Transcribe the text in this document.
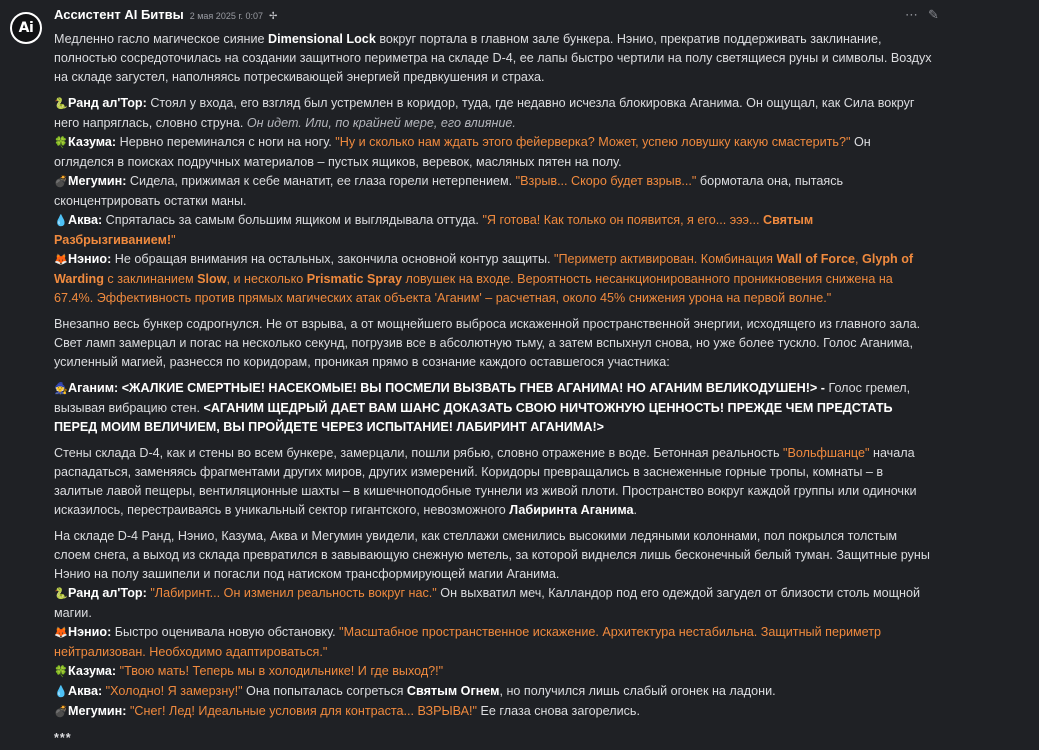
Ai
Ассистент AI Битвы 2 мая 2025 г. 0:07 ✢	⋯ ✎

Медленно гасло магическое сияние Dimensional Lock вокруг портала в главном зале бункера. Нэнио, прекратив поддерживать заклинание, полностью сосредоточилась на создании защитного периметра на складе D-4, ее лапы быстро чертили на полу светящиеся руны и символы. Воздух на складе загустел, наполняясь потрескивающей энергией предвкушения и страха.

🐍Ранд ал'Тор: Стоял у входа, его взгляд был устремлен в коридор, туда, где недавно исчезла блокировка Аганима. Он ощущал, как Сила вокруг него напряглась, словно струна. Он идет. Или, по крайней мере, его влияние.

🍀Казума: Нервно переминался с ноги на ногу. "Ну и сколько нам ждать этого фейерверка? Может, успею ловушку какую смастерить?" Он огляделся в поисках подручных материалов – пустых ящиков, веревок, масляных пятен на полу.

💣Мегумин: Сидела, прижимая к себе манатит, ее глаза горели нетерпением. "Взрыв... Скоро будет взрыв..." бормотала она, пытаясь сконцентрировать остатки маны.

💧Аква: Спряталась за самым большим ящиком и выглядывала оттуда. "Я готова! Как только он появится, я его... эээ... Святым Разбрызгиванием!"

🦊Нэнио: Не обращая внимания на остальных, закончила основной контур защиты. "Периметр активирован. Комбинация Wall of Force, Glyph of Warding с заклинанием Slow, и несколько Prismatic Spray ловушек на входе. Вероятность несанкционированного проникновения снижена на 67.4%. Эффективность против прямых магических атак объекта 'Аганим' – расчетная, около 45% снижения урона на первой волне."

Внезапно весь бункер содрогнулся. Не от взрыва, а от мощнейшего выброса искаженной пространственной энергии, исходящего из главного зала. Свет ламп замерцал и погас на несколько секунд, погрузив все в абсолютную тьму, а затем вспыхнул снова, но уже более тускло. Голос Аганима, усиленный магией, разнесся по коридорам, проникая прямо в сознание каждого оставшегося участника:

🧙Аганим: <ЖАЛКИЕ СМЕРТНЫЕ! НАСЕКОМЫЕ! ВЫ ПОСМЕЛИ ВЫЗВАТЬ ГНЕВ АГАНИМА! НО АГАНИМ ВЕЛИКОДУШЕН!> - Голос гремел, вызывая вибрацию стен. <АГАНИМ ЩЕДРЫЙ ДАЕТ ВАМ ШАНС ДОКАЗАТЬ СВОЮ НИЧТОЖНУЮ ЦЕННОСТЬ! ПРЕЖДЕ ЧЕМ ПРЕДСТАТЬ ПЕРЕД МОИМ ВЕЛИЧИЕМ, ВЫ ПРОЙДЕТЕ ЧЕРЕЗ ИСПЫТАНИЕ! ЛАБИРИНТ АГАНИМА!>

Стены склада D-4, как и стены во всем бункере, замерцали, пошли рябью, словно отражение в воде. Бетонная реальность "Вольфшанце" начала распадаться, заменяясь фрагментами других миров, других измерений. Коридоры превращались в заснеженные горные тропы, комнаты – в залитые лавой пещеры, вентиляционные шахты – в кишечноподобные туннели из живой плоти. Пространство вокруг каждой группы или одиночки исказилось, перестраиваясь в уникальный сектор гигантского, невозможного Лабиринта Аганима.

На складе D-4 Ранд, Нэнио, Казума, Аква и Мегумин увидели, как стеллажи сменились высокими ледяными колоннами, пол покрылся толстым слоем снега, а выход из склада превратился в завывающую снежную метель, за которой виднелся лишь бесконечный белый туман. Защитные руны Нэнио на полу зашипели и погасли под натиском трансформирующей магии Аганима.

🐍Ранд ал'Тор: "Лабиринт... Он изменил реальность вокруг нас." Он выхватил меч, Калландор под его одеждой загудел от близости столь мощной магии.

🦊Нэнио: Быстро оценивала новую обстановку. "Масштабное пространственное искажение. Архитектура нестабильна. Защитный периметр нейтрализован. Необходимо адаптироваться."

🍀Казума: "Твою мать! Теперь мы в холодильнике! И где выход?!"

💧Аква: "Холодно! Я замерзну!" Она попыталась согреться Святым Огнем, но получился лишь слабый огонек на ладони.

💣Мегумин: "Снег! Лед! Идеальные условия для контраста... ВЗРЫВА!" Ее глаза снова загорелись.

***
